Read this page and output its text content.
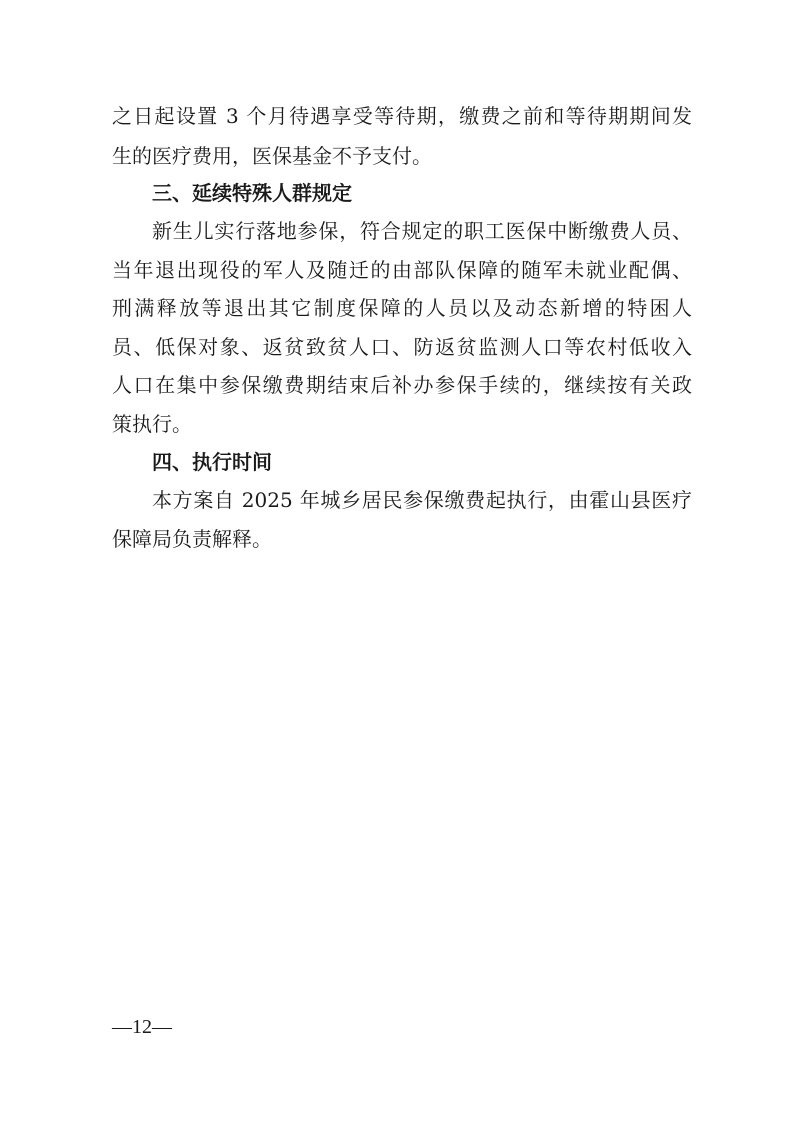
之日起设置 3 个月待遇享受等待期，缴费之前和等待期期间发
生的医疗费用，医保基金不予支付。
三、延续特殊人群规定
新生儿实行落地参保，符合规定的职工医保中断缴费人员、
当年退出现役的军人及随迁的由部队保障的随军未就业配偶、
刑满释放等退出其它制度保障的人员以及动态新增的特困人
员、低保对象、返贫致贫人口、防返贫监测人口等农村低收入
人口在集中参保缴费期结束后补办参保手续的，继续按有关政
策执行。
四、执行时间
本方案自 2025 年城乡居民参保缴费起执行，由霍山县医疗
保障局负责解释。
—12—
